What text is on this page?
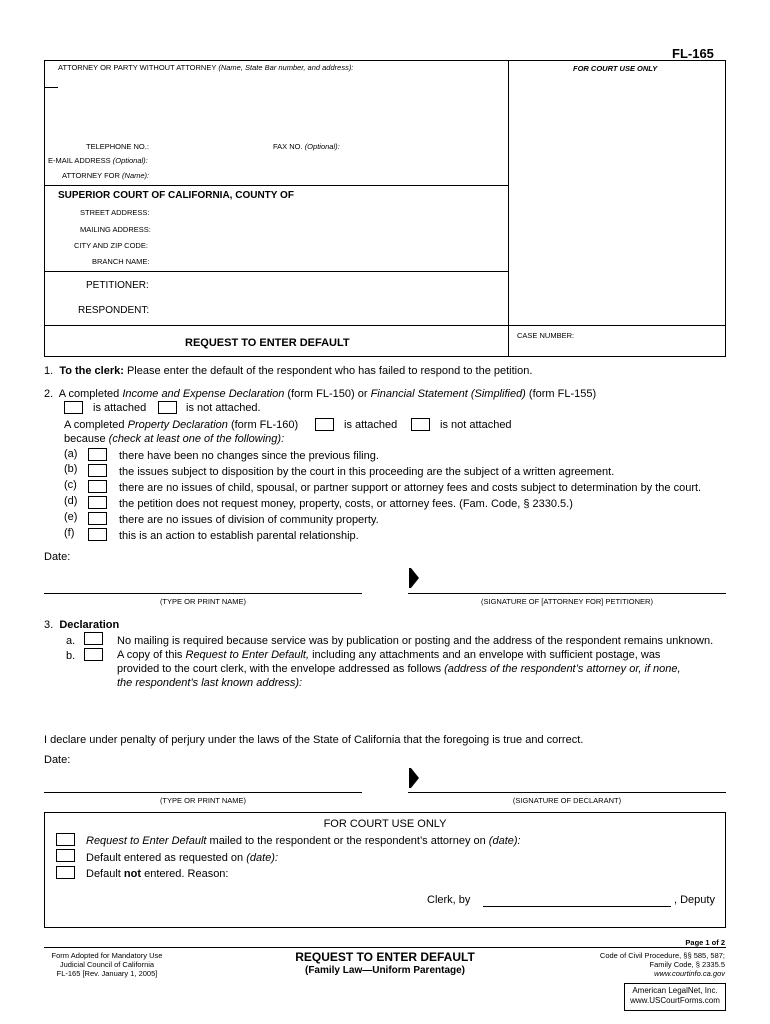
FL-165
ATTORNEY OR PARTY WITHOUT ATTORNEY (Name, State Bar number, and address):	FOR COURT USE ONLY
TELEPHONE NO.:	FAX NO. (Optional):
E-MAIL ADDRESS (Optional):
ATTORNEY FOR (Name):
SUPERIOR COURT OF CALIFORNIA, COUNTY OF
STREET ADDRESS:
MAILING ADDRESS:
CITY AND ZIP CODE:
BRANCH NAME:
PETITIONER:
RESPONDENT:
REQUEST TO ENTER DEFAULT
CASE NUMBER:
1. To the clerk: Please enter the default of the respondent who has failed to respond to the petition.
2. A completed Income and Expense Declaration (form FL-150) or Financial Statement (Simplified) (form FL-155)
is attached	is not attached.
A completed Property Declaration (form FL-160)	is attached	is not attached
because (check at least one of the following):
(a)	there have been no changes since the previous filing.
(b)	the issues subject to disposition by the court in this proceeding are the subject of a written agreement.
(c)	there are no issues of child, spousal, or partner support or attorney fees and costs subject to determination by the court.
(d)	the petition does not request money, property, costs, or attorney fees. (Fam. Code, § 2330.5.)
(e)	there are no issues of division of community property.
(f)	this is an action to establish parental relationship.
Date:
(TYPE OR PRINT NAME)	(SIGNATURE OF [ATTORNEY FOR] PETITIONER)
3. Declaration
a.	No mailing is required because service was by publication or posting and the address of the respondent remains unknown.
b.	A copy of this Request to Enter Default, including any attachments and an envelope with sufficient postage, was
provided to the court clerk, with the envelope addressed as follows (address of the respondent’s attorney or, if none,
the respondent’s last known address):
I declare under penalty of perjury under the laws of the State of California that the foregoing is true and correct.
Date:
(TYPE OR PRINT NAME)	(SIGNATURE OF DECLARANT)
FOR COURT USE ONLY
Request to Enter Default mailed to the respondent or the respondent’s attorney on (date):
Default entered as requested on (date):
Default not entered. Reason:
Clerk, by	, Deputy
Form Adopted for Mandatory Use
Judicial Council of California
FL-165 [Rev. January 1, 2005]
REQUEST TO ENTER DEFAULT
(Family Law—Uniform Parentage)
Page 1 of 2
Code of Civil Procedure, §§ 585, 587;
Family Code, § 2335.5
www.courtinfo.ca.gov
American LegalNet, Inc.
www.USCourtForms.com
